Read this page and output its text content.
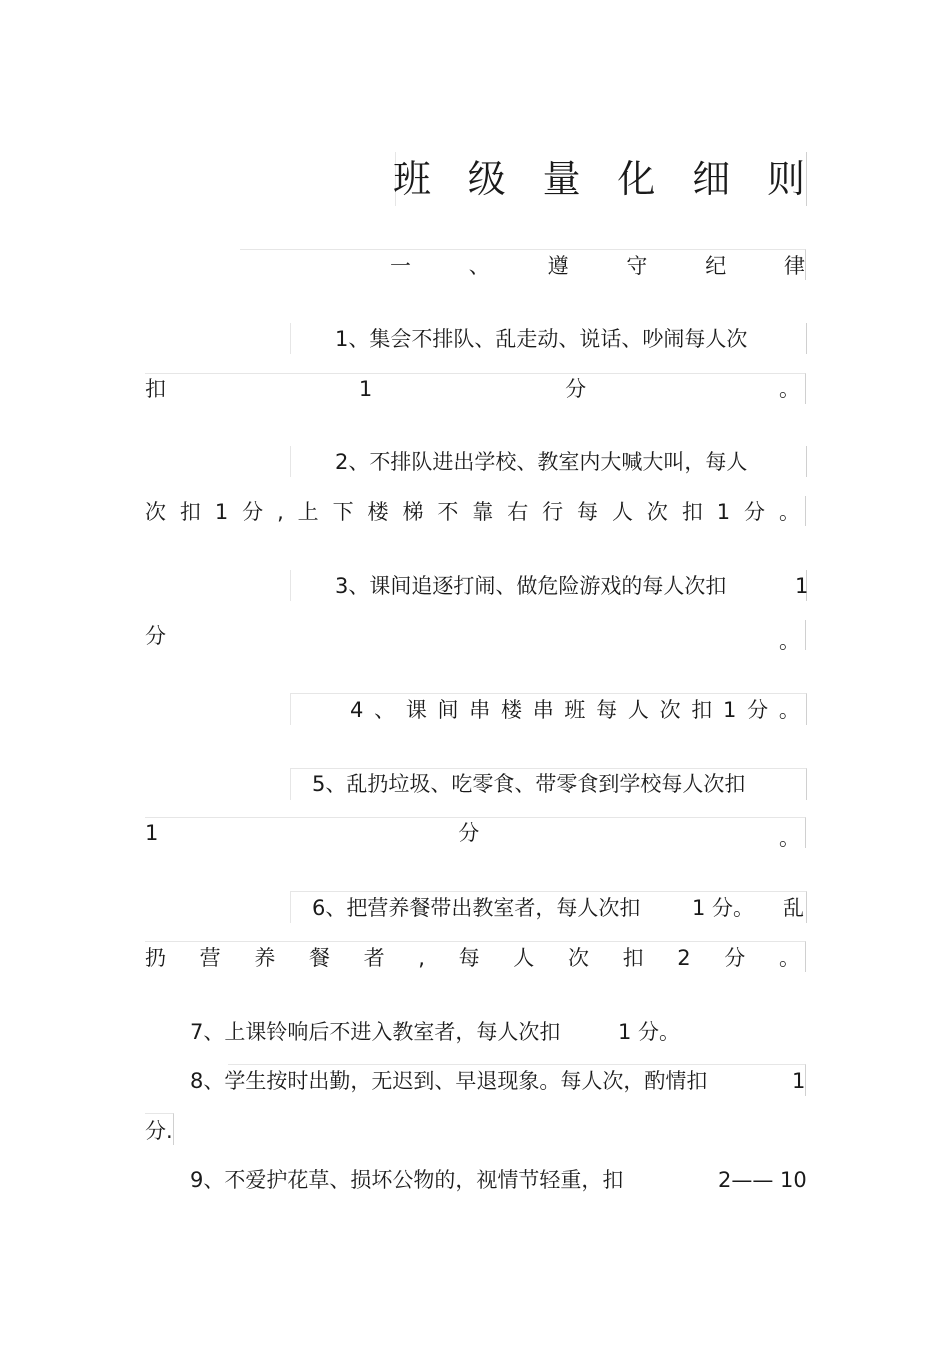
班 级 量 化 细 则
一	、	遵	守	纪	律
1、集会不排队、乱走动、说话、吵闹每人次
扣	1	分	。
2、不排队进出学校、教室内大喊大叫，每人
次 扣 1 分 , 上 下 楼 梯 不 靠 右 行 每 人 次 扣 1 分 。
3、课间追逐打闹、做危险游戏的每人次扣	1
分	。
4 、 课 间 串 楼 串 班 每 人 次 扣 1 分 。
5、乱扔垃圾、吃零食、带零食到学校每人次扣
1	分	。
6、把营养餐带出教室者，每人次扣 1 分。 乱
扔 营 养 餐 者 , 每 人 次 扣 2 分 。
7、上课铃响后不进入教室者，每人次扣	1 分。
8、学生按时出勤，无迟到、早退现象。每人次，酌情扣	1
分.
9、不爱护花草、损坏公物的，视情节轻重，扣	2—— 10
